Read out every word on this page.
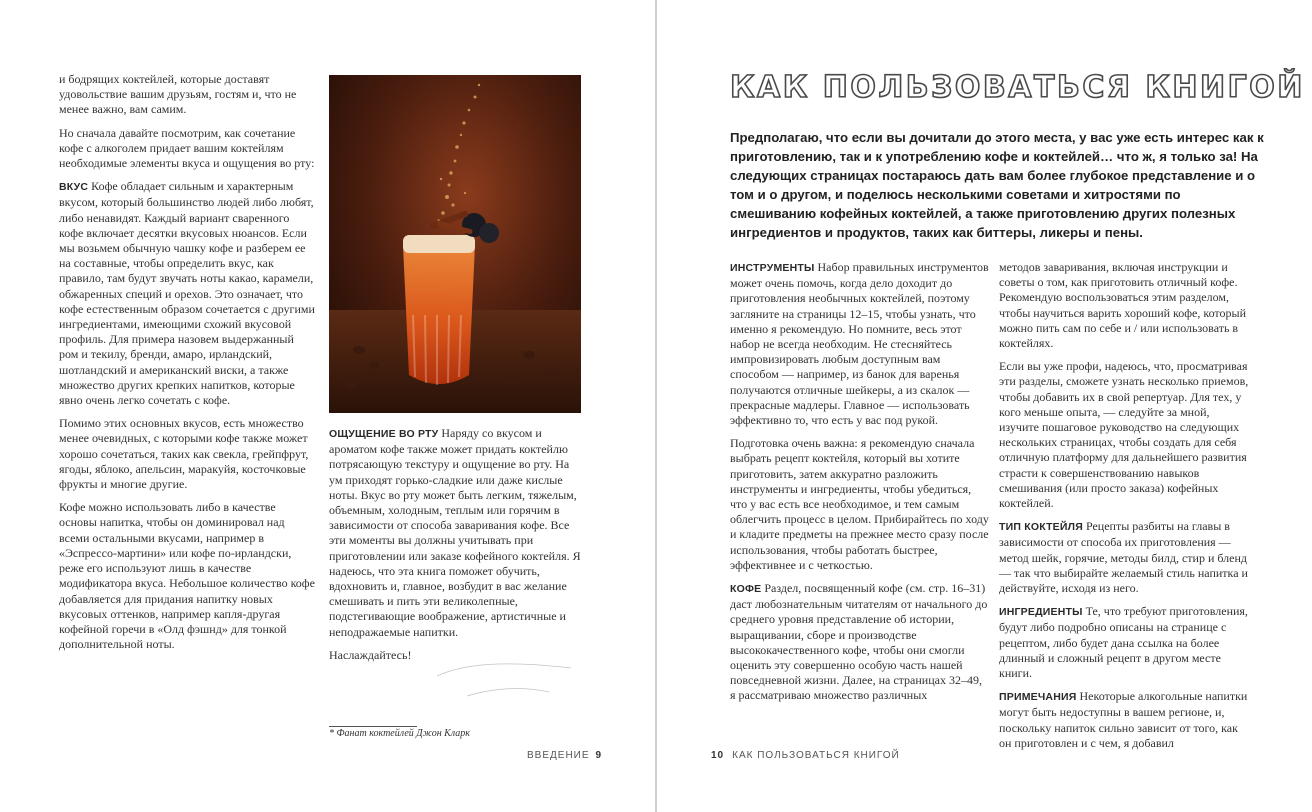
и бодрящих коктейлей, которые доставят удовольствие вашим друзьям, гостям и, что не менее важно, вам самим.

Но сначала давайте посмотрим, как сочетание кофе с алкоголем придает вашим коктейлям необходимые элементы вкуса и ощущения во рту:

ВКУС Кофе обладает сильным и характерным вкусом, который большинство людей либо любят, либо ненавидят. Каждый вариант сваренного кофе включает десятки вкусовых нюансов. Если мы возьмем обычную чашку кофе и разберем ее на составные, чтобы определить вкус, как правило, там будут звучать ноты какао, карамели, обжаренных специй и орехов. Это означает, что кофе естественным образом сочетается с другими ингредиентами, имеющими схожий вкусовой профиль. Для примера назовем выдержанный ром и текилу, бренди, амаро, ирландский, шотландский и американский виски, а также множество других крепких напитков, которые явно очень легко сочетать с кофе.

Помимо этих основных вкусов, есть множество менее очевидных, с которыми кофе также может хорошо сочетаться, таких как свекла, грейпфрут, ягоды, яблоко, апельсин, маракуйя, косточковые фрукты и многие другие.

Кофе можно использовать либо в качестве основы напитка, чтобы он доминировал над всеми остальными вкусами, например в «Эспрессо-мартини» или кофе по-ирландски, реже его используют лишь в качестве модификатора вкуса. Небольшое количество кофе добавляется для придания напитку новых вкусовых оттенков, например капля-другая кофейной горечи в «Олд фэшнд» для тонкой дополнительной ноты.

ОЩУЩЕНИЕ ВО РТУ Наряду со вкусом и ароматом кофе также может придать коктейлю потрясающую текстуру и ощущение во рту. На ум приходят горько-сладкие или даже кислые ноты. Вкус во рту может быть легким, тяжелым, объемным, холодным, теплым или горячим в зависимости от способа заваривания кофе. Все эти моменты вы должны учитывать при приготовлении или заказе кофейного коктейля. Я надеюсь, что эта книга поможет обучить, вдохновить и, главное, возбудит в вас желание смешивать и пить эти великолепные, подстегивающие воображение, артистичные и неподражаемые напитки.

Наслаждайтесь!

* Фанат коктейлей Джон Кларк
ВВЕДЕНИЕ 9
КАК ПОЛЬЗОВАТЬСЯ КНИГОЙ
Предполагаю, что если вы дочитали до этого места, у вас уже есть интерес как к приготовлению, так и к употреблению кофе и коктейлей… что ж, я только за! На следующих страницах постараюсь дать вам более глубокое представление и о том и о другом, и поделюсь несколькими советами и хитростями по смешиванию кофейных коктейлей, а также приготовлению других полезных ингредиентов и продуктов, таких как биттеры, ликеры и пены.

ИНСТРУМЕНТЫ Набор правильных инструментов может очень помочь, когда дело доходит до приготовления необычных коктейлей, поэтому загляните на страницы 12–15, чтобы узнать, что именно я рекомендую. Но помните, весь этот набор не всегда необходим. Не стесняйтесь импровизировать любым доступным вам способом — например, из банок для варенья получаются отличные шейкеры, а из скалок — прекрасные мадлеры. Главное — использовать эффективно то, что есть у вас под рукой.

Подготовка очень важна: я рекомендую сначала выбрать рецепт коктейля, который вы хотите приготовить, затем аккуратно разложить инструменты и ингредиенты, чтобы убедиться, что у вас есть все необходимое, и тем самым облегчить процесс в целом. Прибирайтесь по ходу и кладите предметы на прежнее место сразу после использования, чтобы работать быстрее, эффективнее и с четкостью.

КОФЕ Раздел, посвященный кофе (см. стр. 16–31) даст любознательным читателям от начального до среднего уровня представление об истории, выращивании, сборе и производстве высококачественного кофе, чтобы они смогли оценить эту совершенно особую часть нашей повседневной жизни. Далее, на страницах 32–49, я рассматриваю множество различных

методов заваривания, включая инструкции и советы о том, как приготовить отличный кофе. Рекомендую воспользоваться этим разделом, чтобы научиться варить хороший кофе, который можно пить сам по себе и / или использовать в коктейлях.

Если вы уже профи, надеюсь, что, просматривая эти разделы, сможете узнать несколько приемов, чтобы добавить их в свой репертуар. Для тех, у кого меньше опыта, — следуйте за мной, изучите пошаговое руководство на следующих нескольких страницах, чтобы создать для себя отличную платформу для дальнейшего развития страсти к совершенствованию навыков смешивания (или просто заказа) кофейных коктейлей.

ТИП КОКТЕЙЛЯ Рецепты разбиты на главы в зависимости от способа их приготовления — метод шейк, горячие, методы билд, стир и бленд — так что выбирайте желаемый стиль напитка и действуйте, исходя из него.

ИНГРЕДИЕНТЫ Те, что требуют приготовления, будут либо подробно описаны на странице с рецептом, либо будет дана ссылка на более длинный и сложный рецепт в другом месте книги.

ПРИМЕЧАНИЯ Некоторые алкогольные напитки могут быть недоступны в вашем регионе, и, поскольку напиток сильно зависит от того, как он приготовлен и с чем, я добавил

10 КАК ПОЛЬЗОВАТЬСЯ КНИГОЙ
